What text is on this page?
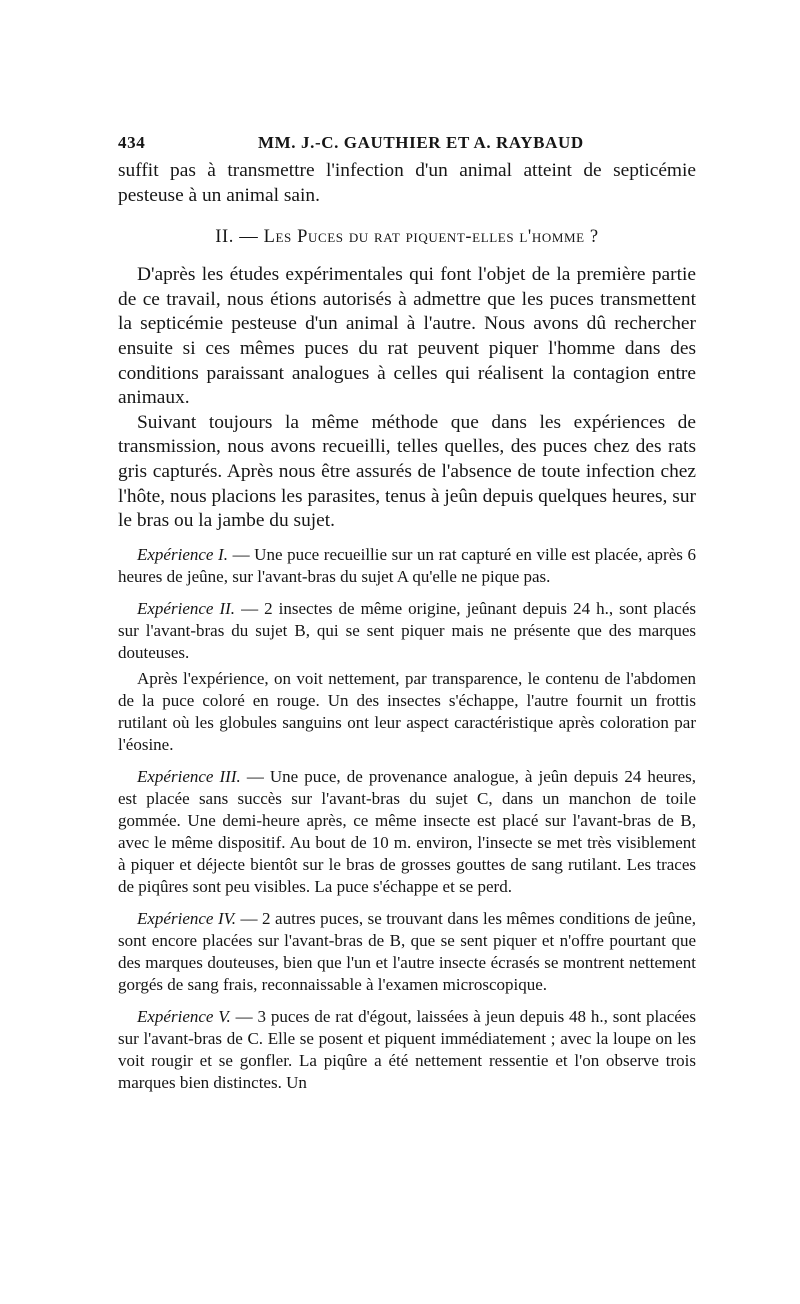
434	MM. J.-C. GAUTHIER ET A. RAYBAUD

suffit pas à transmettre l'infection d'un animal atteint de septicémie pesteuse à un animal sain.

II. — Les Puces du rat piquent-elles l'homme ?

D'après les études expérimentales qui font l'objet de la première partie de ce travail, nous étions autorisés à admettre que les puces transmettent la septicémie pesteuse d'un animal à l'autre. Nous avons dû rechercher ensuite si ces mêmes puces du rat peuvent piquer l'homme dans des conditions paraissant analogues à celles qui réalisent la contagion entre animaux.

Suivant toujours la même méthode que dans les expériences de transmission, nous avons recueilli, telles quelles, des puces chez des rats gris capturés. Après nous être assurés de l'absence de toute infection chez l'hôte, nous placions les parasites, tenus à jeûn depuis quelques heures, sur le bras ou la jambe du sujet.

Expérience I. — Une puce recueillie sur un rat capturé en ville est placée, après 6 heures de jeûne, sur l'avant-bras du sujet A qu'elle ne pique pas.

Expérience II. — 2 insectes de même origine, jeûnant depuis 24 h., sont placés sur l'avant-bras du sujet B, qui se sent piquer mais ne présente que des marques douteuses.

Après l'expérience, on voit nettement, par transparence, le contenu de l'abdomen de la puce coloré en rouge. Un des insectes s'échappe, l'autre fournit un frottis rutilant où les globules sanguins ont leur aspect caractéristique après coloration par l'éosine.

Expérience III. — Une puce, de provenance analogue, à jeûn depuis 24 heures, est placée sans succès sur l'avant-bras du sujet C, dans un manchon de toile gommée. Une demi-heure après, ce même insecte est placé sur l'avant-bras de B, avec le même dispositif. Au bout de 10 m. environ, l'insecte se met très visiblement à piquer et déjecte bientôt sur le bras de grosses gouttes de sang rutilant. Les traces de piqûres sont peu visibles. La puce s'échappe et se perd.

Expérience IV. — 2 autres puces, se trouvant dans les mêmes conditions de jeûne, sont encore placées sur l'avant-bras de B, que se sent piquer et n'offre pourtant que des marques douteuses, bien que l'un et l'autre insecte écrasés se montrent nettement gorgés de sang frais, reconnaissable à l'examen microscopique.

Expérience V. — 3 puces de rat d'égout, laissées à jeun depuis 48 h., sont placées sur l'avant-bras de C. Elle se posent et piquent immédiatement ; avec la loupe on les voit rougir et se gonfler. La piqûre a été nettement ressentie et l'on observe trois marques bien distinctes. Un
